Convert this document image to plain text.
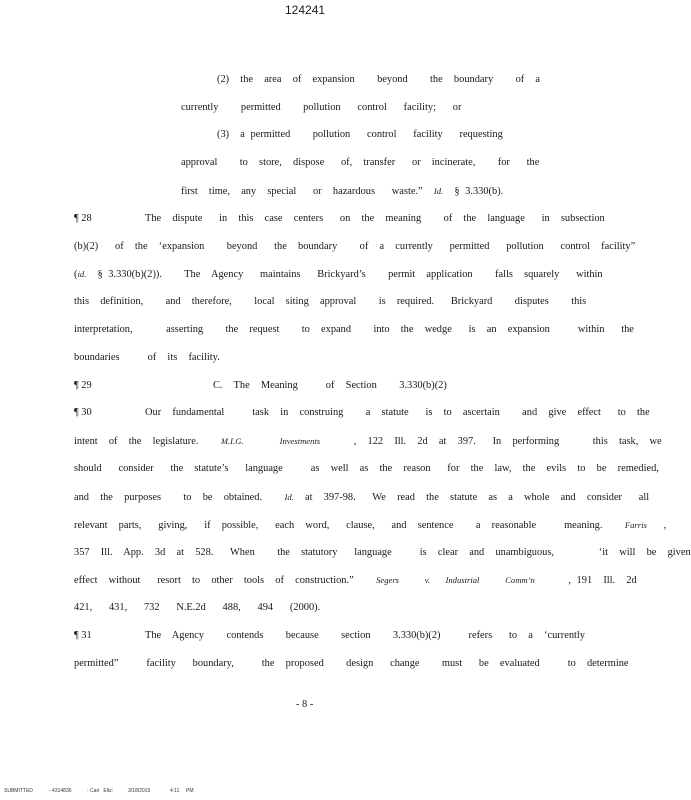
124241
(2)  the  area  of  expansion    beyond    the  boundary    of  a
currently    permitted    pollution   control   facility;   or
(3)  a permitted    pollution   control   facility   requesting
approval    to  store,  dispose   of,  transfer   or  incinerate,    for   the
first  time,  any  special   or  hazardous   waste.”  Id.  § 3.330(b).
¶ 28	The  dispute   in  this  case  centers   on  the  meaning    of  the  language   in  subsection
(b)(2)   of  the  ‘expansion    beyond   the  boundary    of  a  currently   permitted   pollution   control  facility”
(id.  § 3.330(b)(2)).    The  Agency   maintains   Brickyard’s    permit  application    falls  squarely   within
this  definition,    and  therefore,    local  siting  approval    is  required.   Brickyard    disputes    this
interpretation,      asserting    the  request    to  expand    into  the  wedge   is  an  expansion     within   the
boundaries     of  its  facility.
¶ 29	C.  The  Meaning     of  Section    3.330(b)(2)
¶ 30	Our  fundamental     task  in  construing    a  statute   is  to  ascertain    and  give  effect   to  the
intent  of  the  legislature.    M.I.G.       Investments      ,  122  Ill.  2d  at  397.   In  performing      this  task,  we
should   consider   the  statute’s   language     as  well  as  the  reason   for  the  law,  the  evils  to  be  remedied,
and  the  purposes    to  be  obtained.    Id.  at  397-98.   We  read  the  statute  as  a  whole  and  consider   all
relevant  parts,   giving,   if  possible,   each  word,   clause,   and  sentence    a  reasonable     meaning.    Farris   ,
357  Ill.  App.  3d  at  528.   When    the  statutory   language     is  clear  and  unambiguous,        ‘it  will  be  given
effect  without   resort  to  other  tools  of  construction.”    Segers     v.   Industrial     Comm’n      , 191  Ill.  2d
421,   431,   732   N.E.2d   488,   494   (2000).
¶ 31	The  Agency    contends    because    section    3.330(b)(2)     refers   to  a  ‘currently
permitted”     facility   boundary,     the  proposed    design   change    must   be  evaluated     to  determine
- 8 -
SUBMITTED	- 4314836	- Cari   Eltz:	3/18/2019	4:11 PM
